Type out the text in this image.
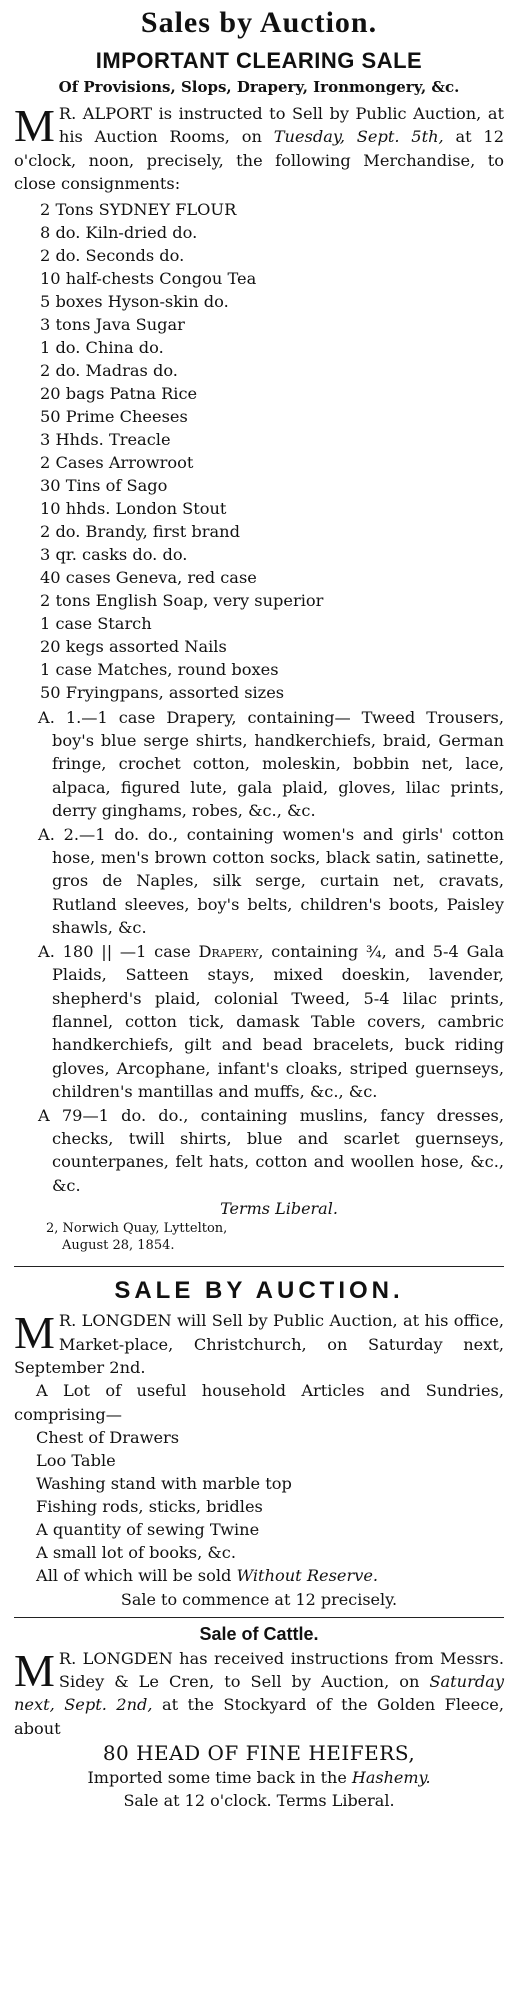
Sales by Auction.
IMPORTANT CLEARING SALE
Of Provisions, Slops, Drapery, Ironmongery, &c.

M R. ALPORT is instructed to Sell by Public Auction, at his Auction Rooms, on Tuesday, Sept. 5th, at 12 o'clock, noon, precisely, the following Merchandise, to close consignments:

2 Tons SYDNEY FLOUR
8 do. Kiln-dried do.
2 do. Seconds do.
10 half-chests Congou Tea
5 boxes Hyson-skin do.
3 tons Java Sugar
1 do. China do.
2 do. Madras do.
20 bags Patna Rice
50 Prime Cheeses
3 Hhds. Treacle
2 Cases Arrowroot
30 Tins of Sago
10 hhds. London Stout
2 do. Brandy, first brand
3 qr. casks do. do.
40 cases Geneva, red case
2 tons English Soap, very superior
1 case Starch
20 kegs assorted Nails
1 case Matches, round boxes
50 Fryingpans, assorted sizes

A. 1.—1 case Drapery, containing— Tweed Trousers, boy's blue serge shirts, handkerchiefs, braid, German fringe, crochet cotton, moleskin, bobbin net, lace, alpaca, figured lute, gala plaid, gloves, lilac prints, derry ginghams, robes, &c., &c.

A. 2.—1 do. do., containing women's and girls' cotton hose, men's brown cotton socks, black satin, satinette, gros de Naples, silk serge, curtain net, cravats, Rutland sleeves, boy's belts, children's boots, Paisley shawls, &c.

A. 180 || —1 case Drapery, containing ¾, and 5-4 Gala Plaids, Satteen stays, mixed doeskin, lavender, shepherd's plaid, colonial Tweed, 5-4 lilac prints, flannel, cotton tick, damask Table covers, cambric handkerchiefs, gilt and bead bracelets, buck riding gloves, Arcophane, infant's cloaks, striped guernseys, children's mantillas and muffs, &c., &c.

A 79—1 do. do., containing muslins, fancy dresses, checks, twill shirts, blue and scarlet guernseys, counterpanes, felt hats, cotton and woollen hose, &c., &c.

Terms Liberal.
2, Norwich Quay, Lyttelton,
August 28, 1854.
SALE BY AUCTION.

M R. LONGDEN will Sell by Public Auction, at his office, Market-place, Christchurch, on Saturday next, September 2nd.

A Lot of useful household Articles and Sundries, comprising—

Chest of Drawers
Loo Table
Washing stand with marble top
Fishing rods, sticks, bridles
A quantity of sewing Twine
A small lot of books, &c.

All of which will be sold Without Reserve.

Sale to commence at 12 precisely.
Sale of Cattle.

M R. LONGDEN has received instructions from Messrs. Sidey & Le Cren, to Sell by Auction, on Saturday next, Sept. 2nd, at the Stockyard of the Golden Fleece, about

80 HEAD OF FINE HEIFERS,
Imported some time back in the Hashemy.
Sale at 12 o'clock. Terms Liberal.
